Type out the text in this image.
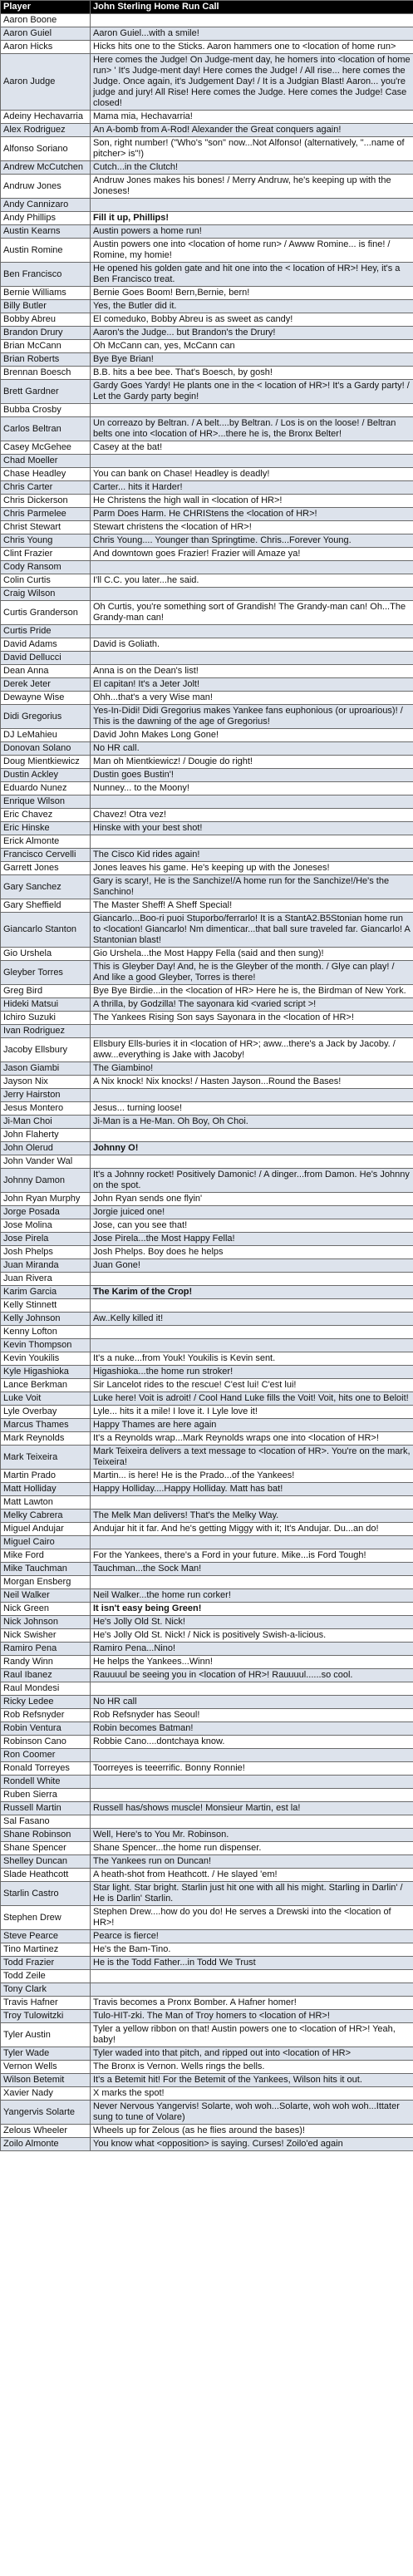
Player	John Sterling Home Run Call
Aaron Boone	
Aaron Guiel	Aaron Guiel...with a smile!
Aaron Hicks	Hicks hits one to the Sticks. Aaron hammers one to <location of home run>
Aaron Judge	Here comes the Judge! On Judge-ment day, he homers into <location of home run> ' It's Judge-ment day! Here comes the Judge! / All rise... here comes the Judge. Once again, it's Judgement Day! / It is a Judgian Blast! Aaron... you're judge and jury! All Rise! Here comes the Judge. Here comes the Judge! Case closed!
Adeiny Hechavarria	Mama mia, Hechavarria!
Alex Rodriguez	An A-bomb from A-Rod! Alexander the Great conquers again!
Alfonso Soriano	Son, right number! ("Who's "son" now...Not Alfonso! (alternatively, "...name of pitcher> is"!)
Andrew McCutchen	Cutch...in the Clutch!
Andruw Jones	Andruw Jones makes his bones! / Merry Andruw, he's keeping up with the Joneses!
Andy Cannizaro	
Andy Phillips	Fill it up, Phillips!
Austin Kearns	Austin powers a home run!
Austin Romine	Austin powers one into <location of home run> / Awww Romine... is fine! / Romine, my homie!
Ben Francisco	He opened his golden gate and hit one into the < location of HR>! Hey, it's a Ben Francisco treat.
Bernie Williams	Bernie Goes Boom! Bern,Bernie, bern!
Billy Butler	Yes, the Butler did it.
Bobby Abreu	El comeduko, Bobby Abreu is as sweet as candy!
Brandon Drury	Aaron's the Judge... but Brandon's the Drury!
Brian McCann	Oh McCann can, yes, McCann can
Brian Roberts	Bye Bye Brian!
Brennan Boesch	B.B. hits a bee bee. That's Boesch, by gosh!
Brett Gardner	Gardy Goes Yardy! He plants one in the < location of HR>! It's a Gardy party! / Let the Gardy party begin!
Bubba Crosby	
Carlos Beltran	Un correazo by Beltran. / A belt....by Beltran. / Los is on the loose! / Beltran belts one into <location of HR>...there he is, the Bronx Belter!
Casey McGehee	Casey at the bat!
Chad Moeller	
Chase Headley	You can bank on Chase! Headley is deadly!
Chris Carter	Carter... hits it Harder!
Chris Dickerson	He Christens the high wall in <location of HR>!
Chris Parmelee	Parm Does Harm. He CHRIStens the <location of HR>!
Christ Stewart	Stewart christens the <location of HR>!
Chris Young	Chris Young.... Younger than Springtime. Chris...Forever Young.
Clint Frazier	And downtown goes Frazier! Frazier will Amaze ya!
Cody Ransom	
Colin Curtis	I'll C.C. you later...he said.
Craig Wilson	
Curtis Granderson	Oh Curtis, you're something sort of Grandish! The Grandy-man can! Oh...The Grandy-man can!
Curtis Pride	
David Adams	David is Goliath.
David Dellucci	
Dean Anna	Anna is on the Dean's list!
Derek Jeter	El capitan! It's a Jeter Jolt!
Dewayne Wise	Ohh...that's a very Wise man!
Didi Gregorius	Yes-In-Didi! Didi Gregorius makes Yankee fans euphonious (or uproarious)! / This is the dawning of the age of Gregorius!
DJ LeMahieu	David John Makes Long Gone!
Donovan Solano	No HR call.
Doug Mientkiewicz	Man oh Mientkiewicz! / Dougie do right!
Dustin Ackley	Dustin goes Bustin'!
Eduardo Nunez	Nunney... to the Moony!
Enrique Wilson	
Eric Chavez	Chavez! Otra vez!
Eric Hinske	Hinske with your best shot!
Erick Almonte	
Francisco Cervelli	The Cisco Kid rides again!
Garrett Jones	Jones leaves his game. He's keeping up with the Joneses!
Gary Sanchez	Gary is scary!, He is the Sanchize!/A home run for the Sanchize!/He's the Sanchino!
Gary Sheffield	The Master Sheff! A Sheff Special!
Giancarlo Stanton	Giancarlo...Boo-ri puoi Stuporbo/ferrarlo! It is a StantA2.B5Stonian home run to <location! Giancarlo! Nm dimenticar...that ball sure traveled far. Giancarlo! A Stantonian blast!
Gio Urshela	Gio Urshela...the Most Happy Fella (said and then sung)!
Gleyber Torres	This is Gleyber Day! And, he is the Gleyber of the month. / Glye can play! / And like a good Gleyber, Torres is there!
Greg Bird	Bye Bye Birdie...in the <location of HR> Here he is, the Birdman of New York.
Hideki Matsui	A thrilla, by Godzilla! The sayonara kid <varied script >!
Ichiro Suzuki	The Yankees Rising Son says Sayonara in the <location of HR>!
Ivan Rodriguez	
Jacoby Ellsbury	Ellsbury Ells-buries it in <location of HR>; aww...there's a Jack by Jacoby. / aww...everything is Jake with Jacoby!
Jason Giambi	The Giambino!
Jayson Nix	A Nix knock! Nix knocks! / Hasten Jayson...Round the Bases!
Jerry Hairston	
Jesus Montero	Jesus... turning loose!
Ji-Man Choi	Ji-Man is a He-Man. Oh Boy, Oh Choi.
John Flaherty	
John Olerud	Johnny O!
John Vander Wal	
Johnny Damon	It's a Johnny rocket! Positively Damonic! / A dinger...from Damon. He's Johnny on the spot.
John Ryan Murphy	John Ryan sends one flyin'
Jorge Posada	Jorgie juiced one!
Jose Molina	Jose, can you see that!
Jose Pirela	Jose Pirela...the Most Happy Fella!
Josh Phelps	Josh Phelps. Boy does he helps
Juan Miranda	Juan Gone!
Juan Rivera	
Karim Garcia	The Karim of the Crop!
Kelly Stinnett	
Kelly Johnson	Aw..Kelly killed it!
Kenny Lofton	
Kevin Thompson	
Kevin Youkilis	It's a nuke...from Youk! Youkilis is Kevin sent.
Kyle Higashioka	Higashioka...the home run stroker!
Lance Berkman	Sir Lancelot rides to the rescue! C'est lui! C'est lui!
Luke Voit	Luke here! Voit is adroit! / Cool Hand Luke fills the Voit! Voit, hits one to Beloit!
Lyle Overbay	Lyle... hits it a mile! I love it. I Lyle love it!
Marcus Thames	Happy Thames are here again
Mark Reynolds	It's a Reynolds wrap...Mark Reynolds wraps one into <location of HR>!
Mark Teixeira	Mark Teixeira delivers a text message to <location of HR>. You're on the mark, Teixeira!
Martin Prado	Martin... is here! He is the Prado...of the Yankees!
Matt Holliday	Happy Holliday....Happy Holliday. Matt has bat!
Matt Lawton	
Melky Cabrera	The Melk Man delivers! That's the Melky Way.
Miguel Andujar	Andujar hit it far. And he's getting Miggy with it; It's Andujar. Du...an do!
Miguel Cairo	
Mike Ford	For the Yankees, there's a Ford in your future. Mike...is Ford Tough!
Mike Tauchman	Tauchman...the Sock Man!
Morgan Ensberg	
Neil Walker	Neil Walker...the home run corker!
Nick Green	It isn't easy being Green!
Nick Johnson	He's Jolly Old St. Nick!
Nick Swisher	He's Jolly Old St. Nick! / Nick is positively Swish-a-licious.
Ramiro Pena	Ramiro Pena...Nino!
Randy Winn	He helps the Yankees...Winn!
Raul Ibanez	Rauuuul be seeing you in <location of HR>! Rauuuul......so cool.
Raul Mondesi	
Ricky Ledee	No HR call
Rob Refsnyder	Rob Refsnyder has Seoul!
Robin Ventura	Robin becomes Batman!
Robinson Cano	Robbie Cano....dontchaya know.
Ron Coomer	
Ronald Torreyes	Toorreyes is teeerrific. Bonny Ronnie!
Rondell White	
Ruben Sierra	
Russell Martin	Russell has/shows muscle! Monsieur Martin, est la!
Sal Fasano	
Shane Robinson	Well, Here's to You Mr. Robinson.
Shane Spencer	Shane Spencer...the home run dispenser.
Shelley Duncan	The Yankees run on Duncan!
Slade Heathcott	A heath-shot from Heathcott. / He slayed 'em!
Starlin Castro	Star light. Star bright. Starlin just hit one with all his might. Starling in Darlin' / He is Darlin' Starlin.
Stephen Drew	Stephen Drew....how do you do! He serves a Drewski into the <location of HR>!
Steve Pearce	Pearce is fierce!
Tino Martinez	He's the Bam-Tino.
Todd Frazier	He is the Todd Father...in Todd We Trust
Todd Zeile	
Tony Clark	
Travis Hafner	Travis becomes a Pronx Bomber. A Hafner homer!
Troy Tulowitzki	Tulo-HIT-zki. The Man of Troy homers to <location of HR>!
Tyler Austin	Tyler a yellow ribbon on that! Austin powers one to <location of HR>! Yeah, baby!
Tyler Wade	Tyler waded into that pitch, and ripped out into <location of HR>
Vernon Wells	The Bronx is Vernon. Wells rings the bells.
Wilson Betemit	It's a Betemit hit! For the Betemit of the Yankees, Wilson hits it out.
Xavier Nady	X marks the spot!
Yangervis Solarte	Never Nervous Yangervis! Solarte, woh woh...Solarte, woh woh woh...Ittater sung to tune of Volare)
Zelous Wheeler	Wheels up for Zelous (as he flies around the bases)!
Zoilo Almonte	You know what <opposition> is saying. Curses! Zoilo'ed again
